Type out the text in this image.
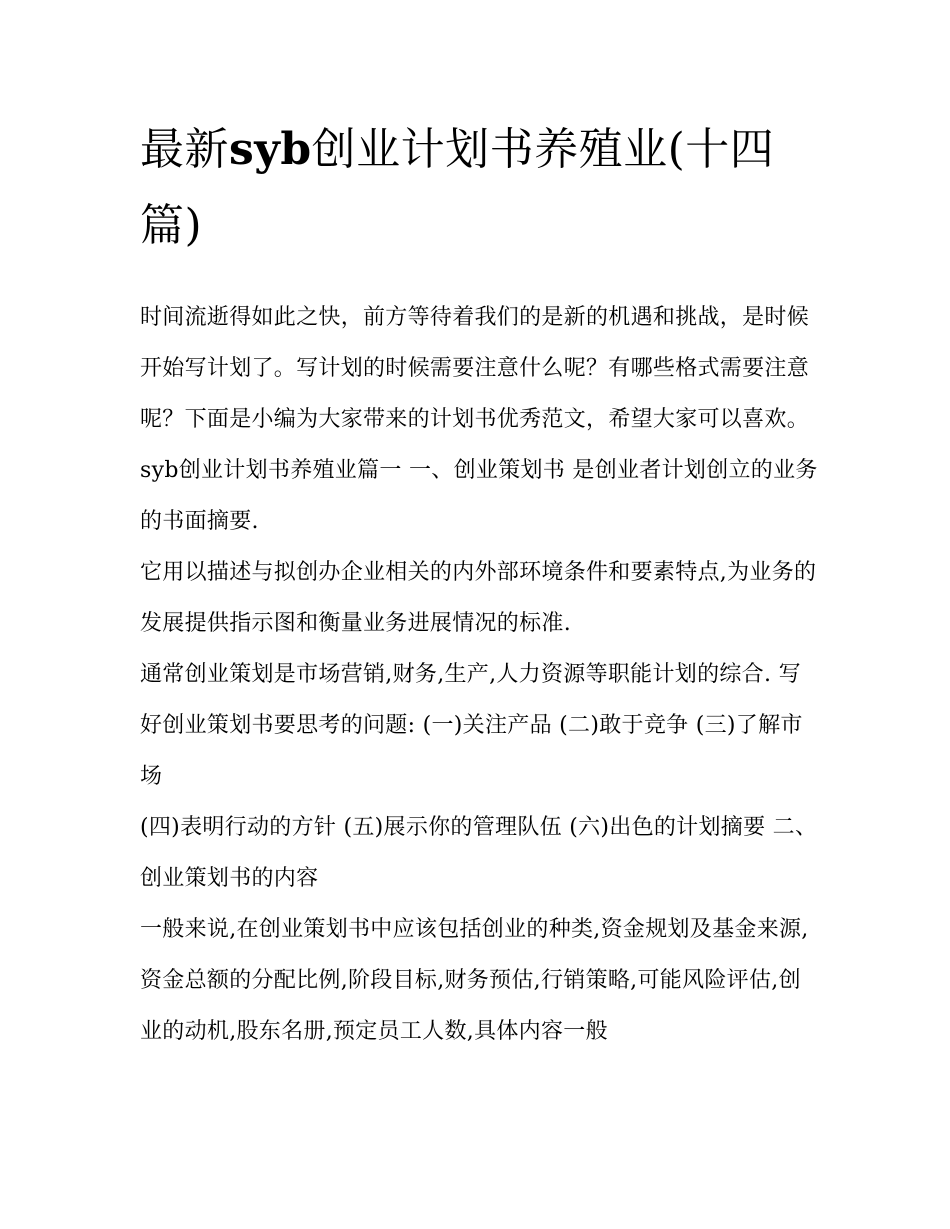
最新syb创业计划书养殖业(十四篇)

时间流逝得如此之快，前方等待着我们的是新的机遇和挑战，是时候开始写计划了。写计划的时候需要注意什么呢？有哪些格式需要注意呢？下面是小编为大家带来的计划书优秀范文，希望大家可以喜欢。

syb创业计划书养殖业篇一 一、创业策划书 是创业者计划创立的业务的书面摘要.

它用以描述与拟创办企业相关的内外部环境条件和要素特点,为业务的发展提供指示图和衡量业务进展情况的标准.

通常创业策划是市场营销,财务,生产,人力资源等职能计划的综合. 写好创业策划书要思考的问题: (一)关注产品 (二)敢于竞争 (三)了解市场

(四)表明行动的方针 (五)展示你的管理队伍 (六)出色的计划摘要 二、创业策划书的内容

一般来说,在创业策划书中应该包括创业的种类,资金规划及基金来源,资金总额的分配比例,阶段目标,财务预估,行销策略,可能风险评估,创业的动机,股东名册,预定员工人数,具体内容一般
